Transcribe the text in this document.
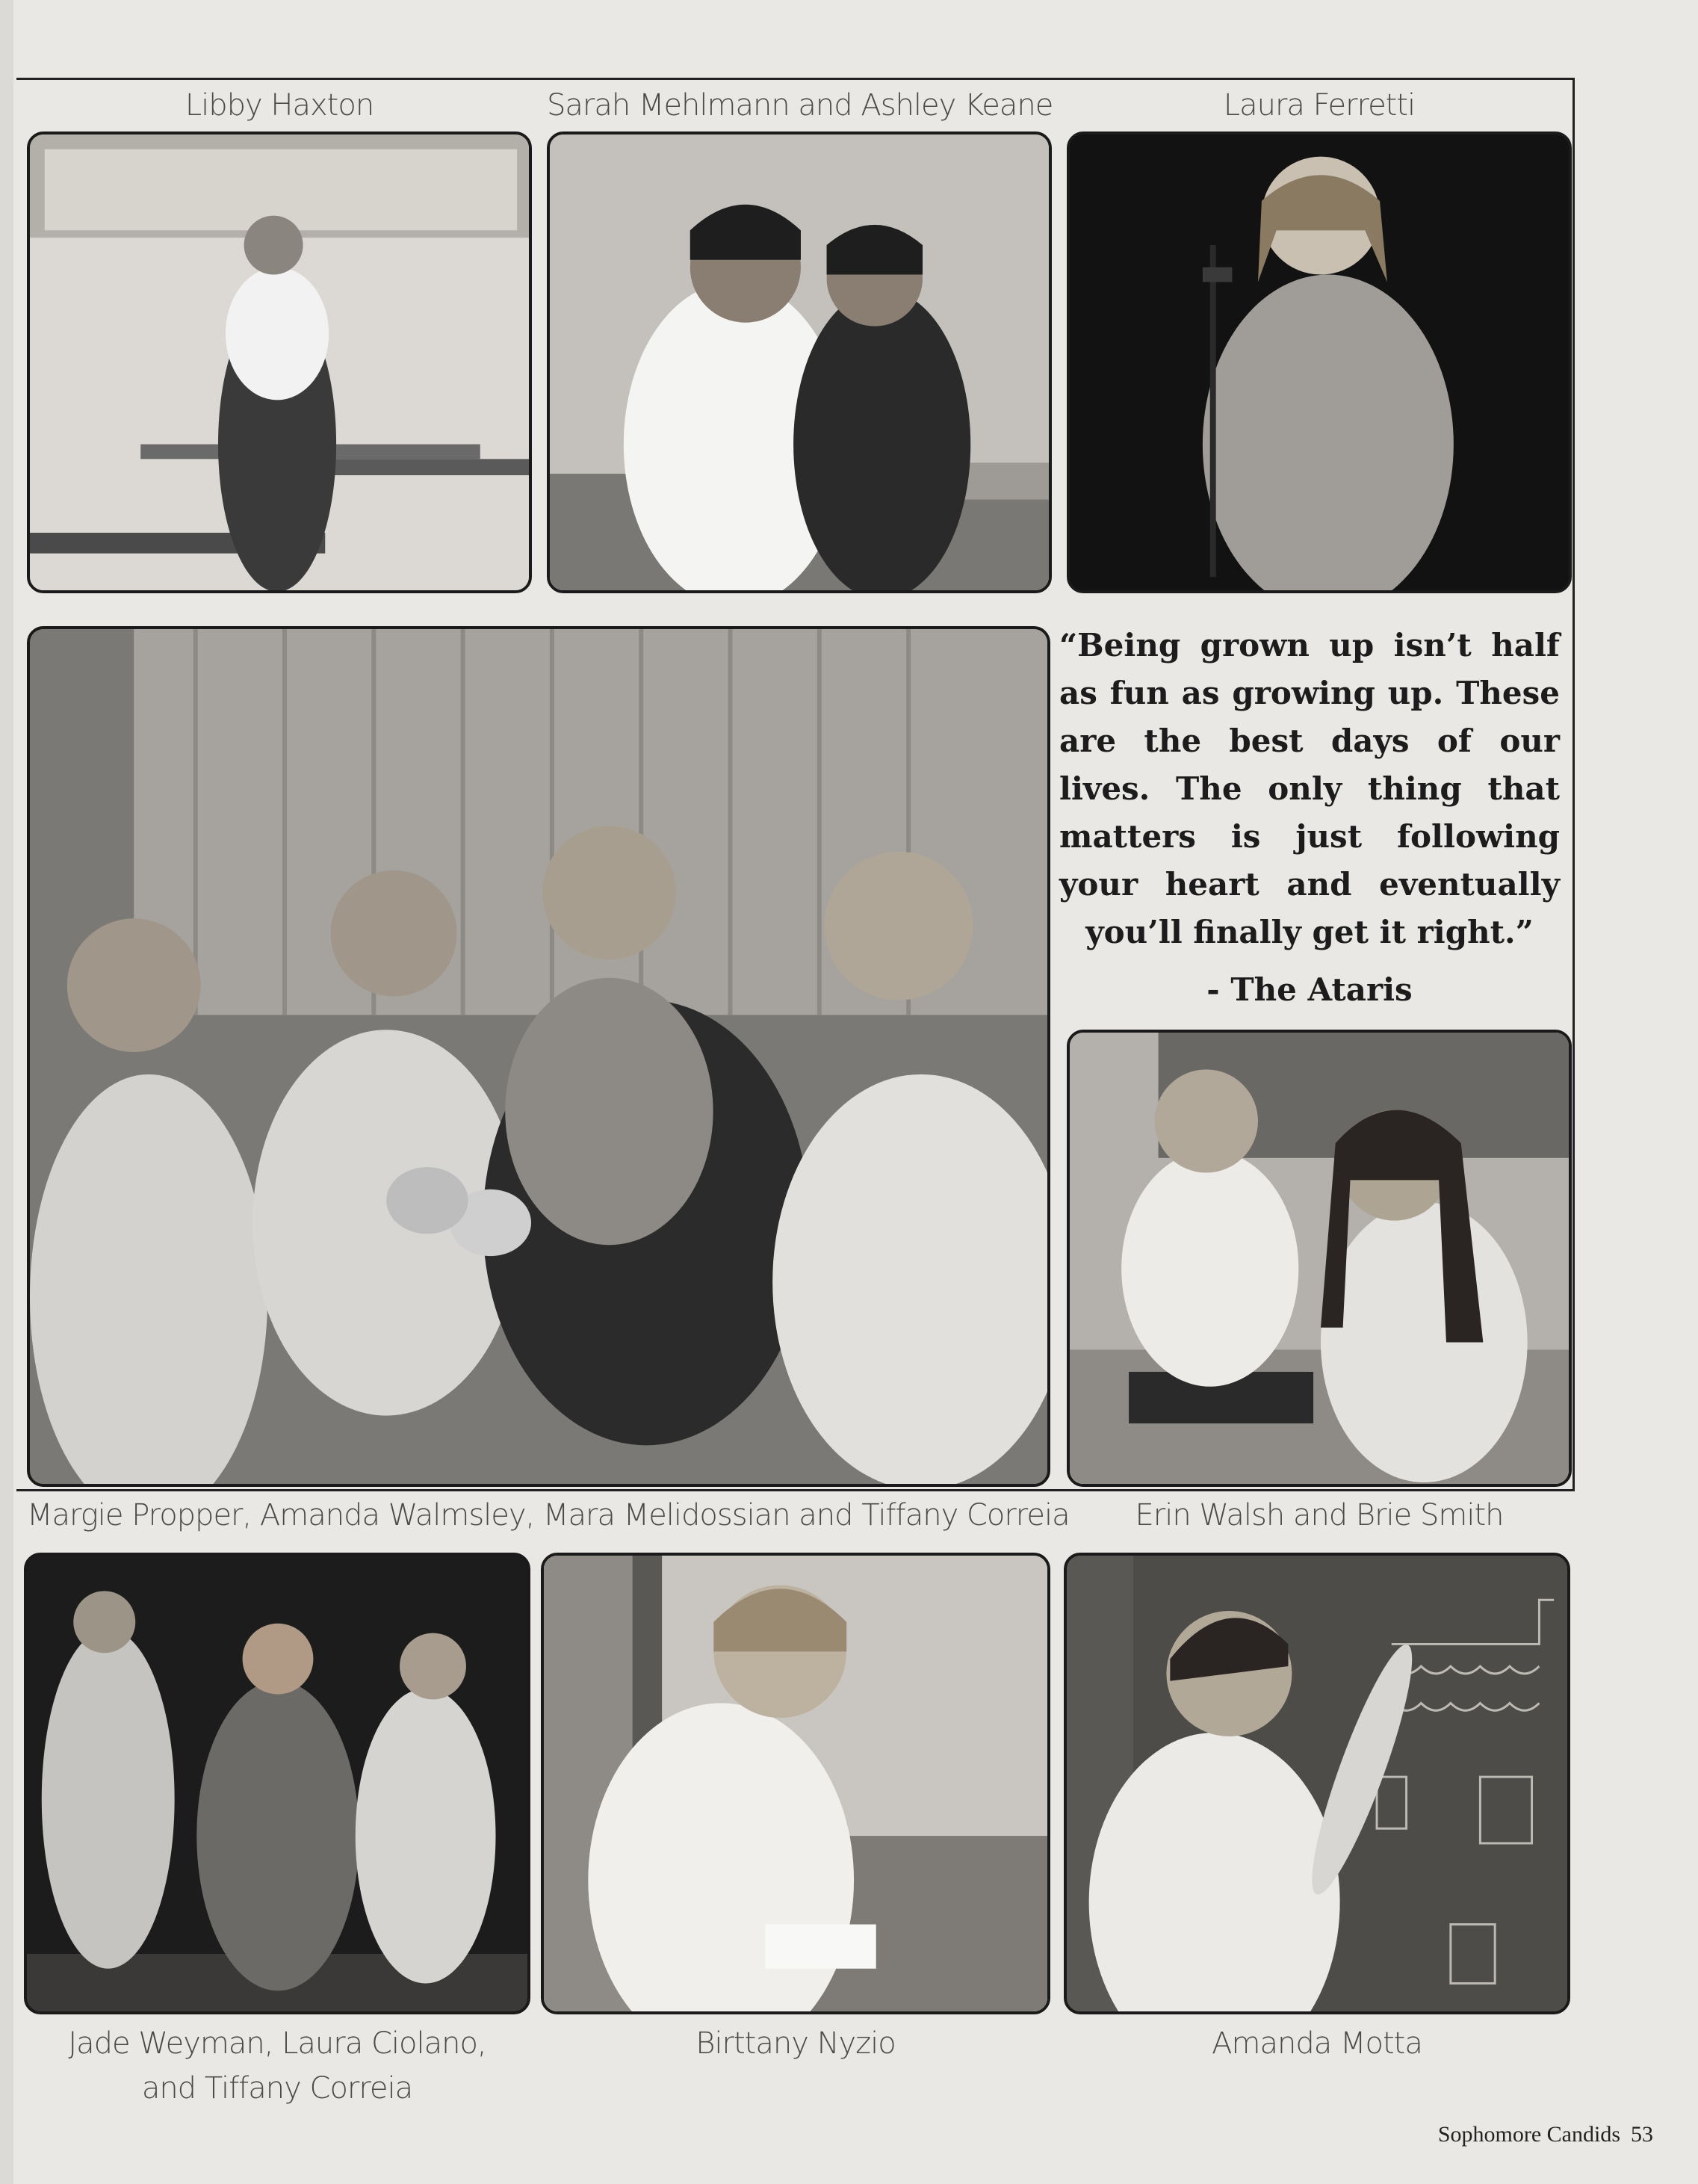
Libby Haxton	Sarah Mehlmann and Ashley Keane	Laura Ferretti
“Being grown up isn’t half as fun as growing up. These are the best days of our lives. The only thing that matters is just following your heart and eventually you’ll finally get it right.”
- The Ataris
Margie Propper, Amanda Walmsley, Mara Melidossian and Tiffany Correia	Erin Walsh and Brie Smith
Jade Weyman, Laura Ciolano,
and Tiffany Correia
Birttany Nyzio	Amanda Motta
Sophomore Candids 53
